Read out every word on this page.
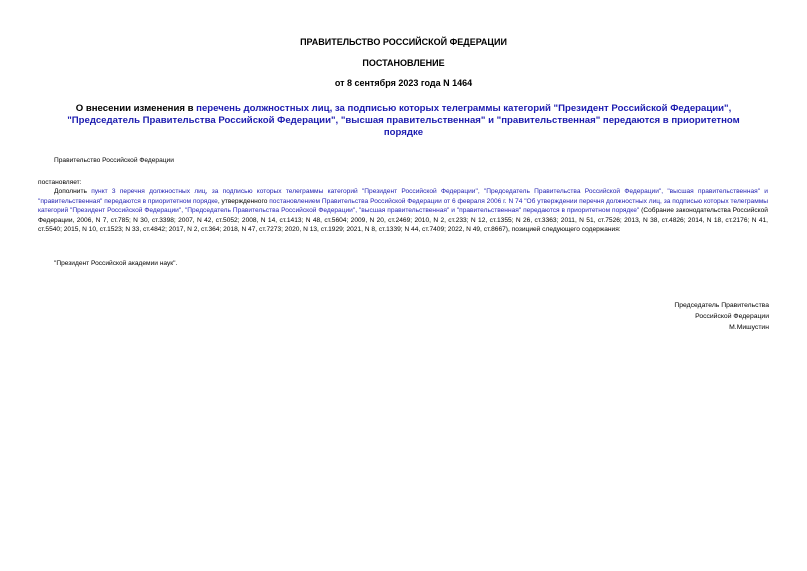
ПРАВИТЕЛЬСТВО РОССИЙСКОЙ ФЕДЕРАЦИИ
ПОСТАНОВЛЕНИЕ
от 8 сентября 2023 года N 1464
О внесении изменения в перечень должностных лиц, за подписью которых телеграммы категорий "Президент Российской Федерации", "Председатель Правительства Российской Федерации", "высшая правительственная" и "правительственная" передаются в приоритетном порядке
Правительство Российской Федерации
постановляет:
Дополнить пункт 3 перечня должностных лиц, за подписью которых телеграммы категорий "Президент Российской Федерации", "Председатель Правительства Российской Федерации", "высшая правительственная" и "правительственная" передаются в приоритетном порядке, утвержденного постановлением Правительства Российской Федерации от 6 февраля 2006 г. N 74 "Об утверждении перечня должностных лиц, за подписью которых телеграммы категорий "Президент Российской Федерации", "Председатель Правительства Российской Федерации", "высшая правительственная" и "правительственная" передаются в приоритетном порядке" (Собрание законодательства Российской Федерации, 2006, N 7, ст.785; N 30, ст.3398; 2007, N 42, ст.5052; 2008, N 14, ст.1413; N 48, ст.5604; 2009, N 20, ст.2469; 2010, N 2, ст.233; N 12, ст.1355; N 26, ст.3363; 2011, N 51, ст.7526; 2013, N 38, ст.4826; 2014, N 18, ст.2176; N 41, ст.5540; 2015, N 10, ст.1523; N 33, ст.4842; 2017, N 2, ст.364; 2018, N 47, ст.7273; 2020, N 13, ст.1929; 2021, N 8, ст.1339; N 44, ст.7409; 2022, N 49, ст.8667), позицией следующего содержания:
"Президент Российской академии наук".
Председатель Правительства
Российской Федерации
М.Мишустин
